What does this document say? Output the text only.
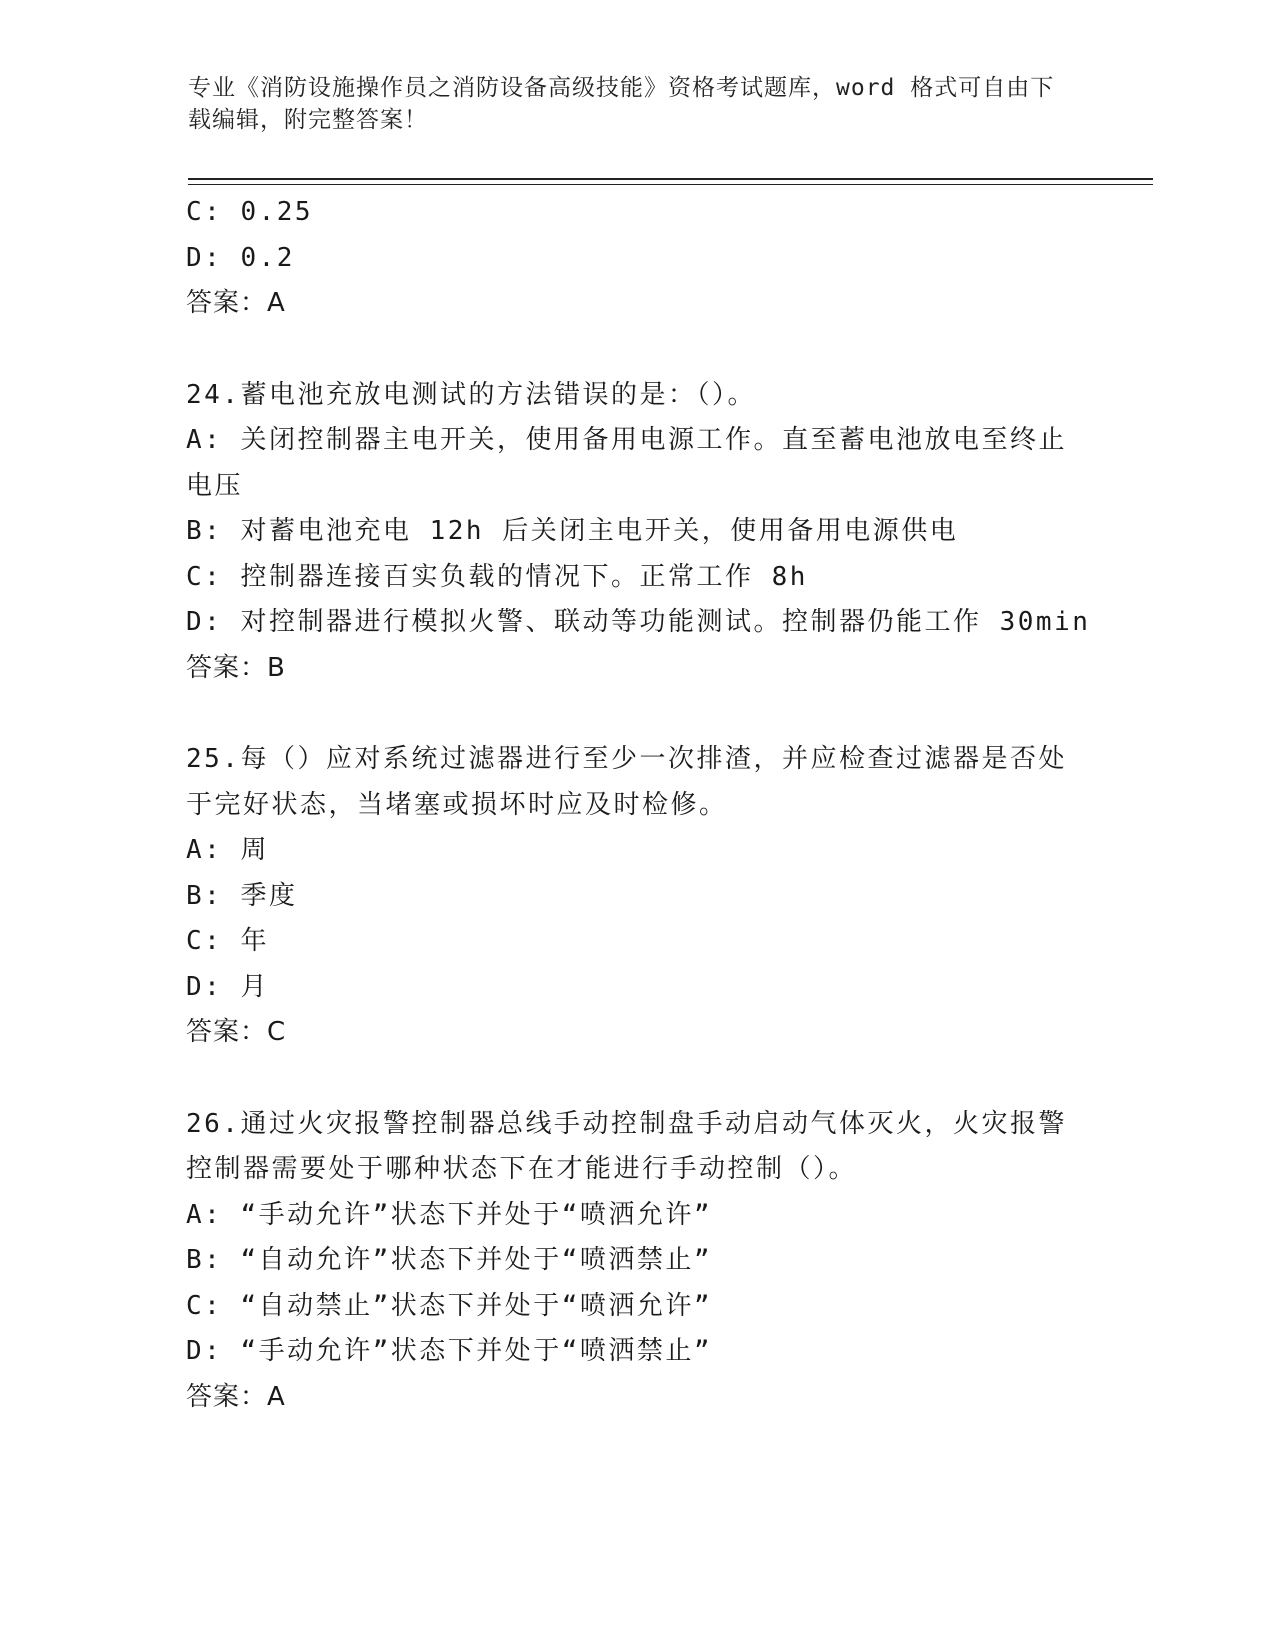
专业《消防设施操作员之消防设备高级技能》资格考试题库，word 格式可自由下
载编辑，附完整答案！
C: 0.25
D: 0.2
答案：A
24.蓄电池充放电测试的方法错误的是：（）。
A: 关闭控制器主电开关，使用备用电源工作。直至蓄电池放电至终止
电压
B: 对蓄电池充电 12h 后关闭主电开关，使用备用电源供电
C: 控制器连接百实负载的情况下。正常工作 8h
D: 对控制器进行模拟火警、联动等功能测试。控制器仍能工作 30min
答案：B
25.每（）应对系统过滤器进行至少一次排渣，并应检查过滤器是否处
于完好状态，当堵塞或损坏时应及时检修。
A: 周
B: 季度
C: 年
D: 月
答案：C
26.通过火灾报警控制器总线手动控制盘手动启动气体灭火，火灾报警
控制器需要处于哪种状态下在才能进行手动控制（）。
A: “手动允许”状态下并处于“喷洒允许”
B: “自动允许”状态下并处于“喷洒禁止”
C: “自动禁止”状态下并处于“喷洒允许”
D: “手动允许”状态下并处于“喷洒禁止”
答案：A
